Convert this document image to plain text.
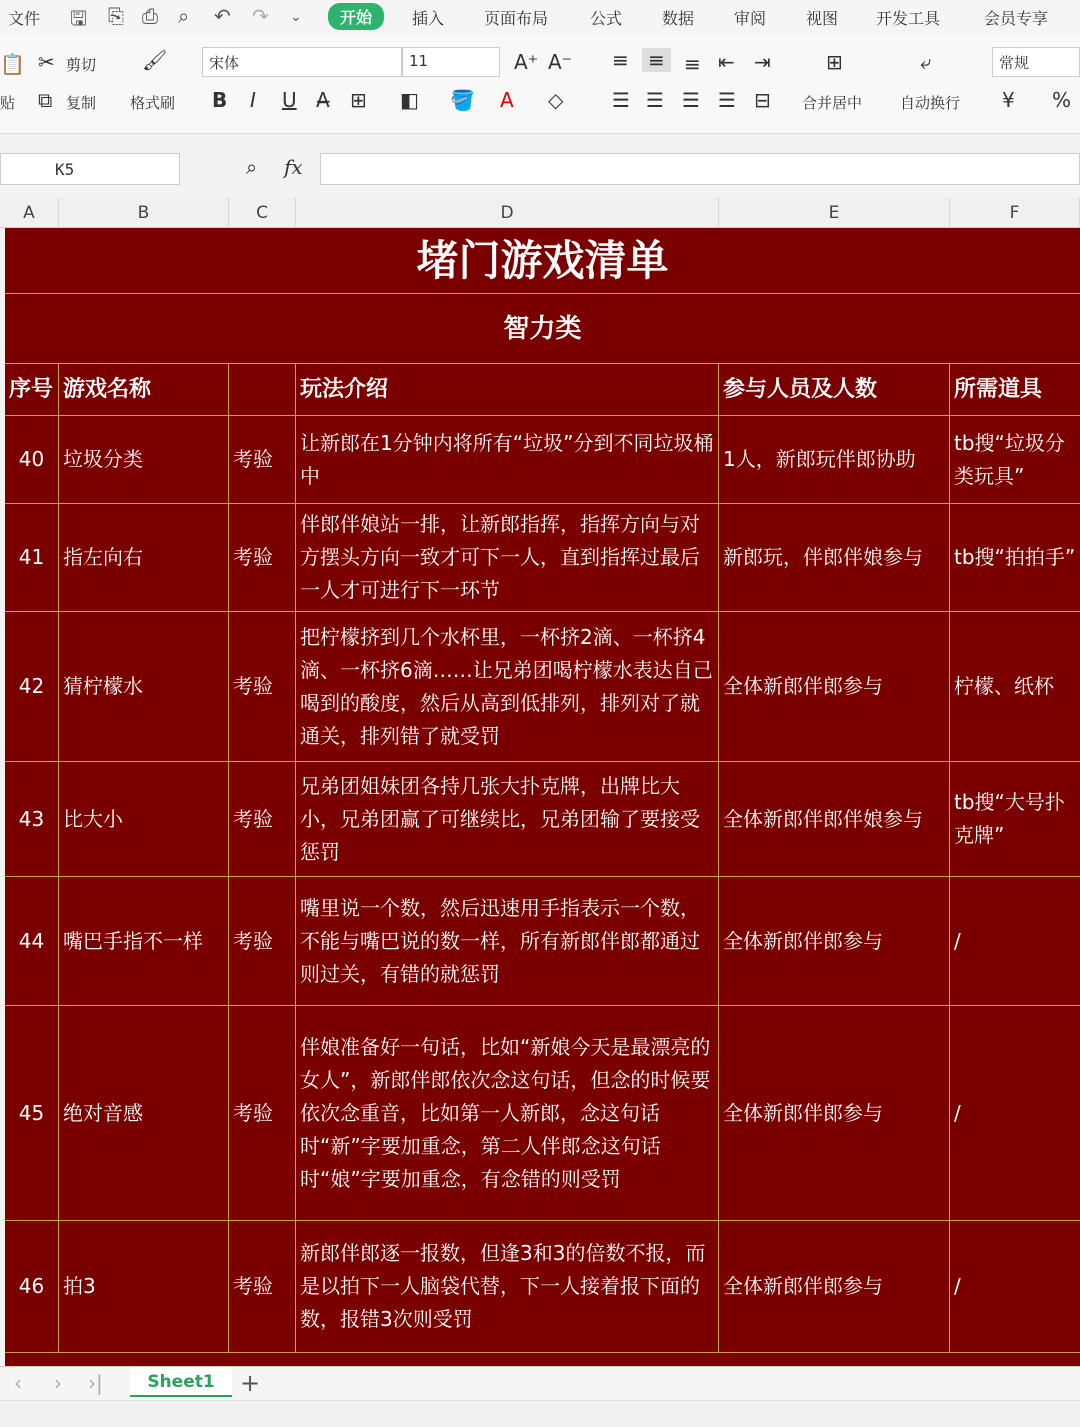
文件 🖫 ⎘ ⎙ ⌕ ↶ ↷ ⌄	开始	插入 页面布局	公式 数据 审阅 视图 开发工具	会员专享
📋
贴
✂ 剪切
⧉ 复制
🖌
格式刷
宋体	11	A⁺ A⁻
B I U A̶ ⊞ ◧ 🪣 A ◇
≡ ≡ ≡ ⇤ ⇥
☰ ☰ ☰ ☰ ⊟
⊞
合并居中
⤶
自动换行
常规
¥ %
K5	⌕ fx
A	B	C	D	E	F
堵门游戏清单
智力类
序号 游戏名称	玩法介绍	参与人员及人数	所需道具
40 垃圾分类	考验
让新郎在1分钟内将所有“垃圾”分到不同垃圾桶中
1人，新郎玩伴郎协助
tb搜“垃圾分类玩具”
41 指左向右	考验
伴郎伴娘站一排，让新郎指挥，指挥方向与对方摆头方向一致才可下一人，直到指挥过最后一人才可进行下一环节
新郎玩，伴郎伴娘参与	tb搜“拍拍手”
42 猜柠檬水	考验
把柠檬挤到几个水杯里，一杯挤2滴、一杯挤4滴、一杯挤6滴……让兄弟团喝柠檬水表达自己喝到的酸度，然后从高到低排列，排列对了就通关，排列错了就受罚
全体新郎伴郎参与	柠檬、纸杯
43 比大小	考验
兄弟团姐妹团各持几张大扑克牌，出牌比大小，兄弟团赢了可继续比，兄弟团输了要接受惩罚
全体新郎伴郎伴娘参与
tb搜“大号扑克牌”
44 嘴巴手指不一样	考验
嘴里说一个数，然后迅速用手指表示一个数，不能与嘴巴说的数一样，所有新郎伴郎都通过则过关，有错的就惩罚
全体新郎伴郎参与	/
45 绝对音感	考验
伴娘准备好一句话，比如“新娘今天是最漂亮的女人”，新郎伴郎依次念这句话，但念的时候要依次念重音，比如第一人新郎，念这句话时“新”字要加重念，第二人伴郎念这句话时“娘”字要加重念，有念错的则受罚
全体新郎伴郎参与	/
46 拍3	考验
新郎伴郎逐一报数，但逢3和3的倍数不报，而是以拍下一人脑袋代替，下一人接着报下面的数，报错3次则受罚
全体新郎伴郎参与	/
‹ › ›|	Sheet1	+
